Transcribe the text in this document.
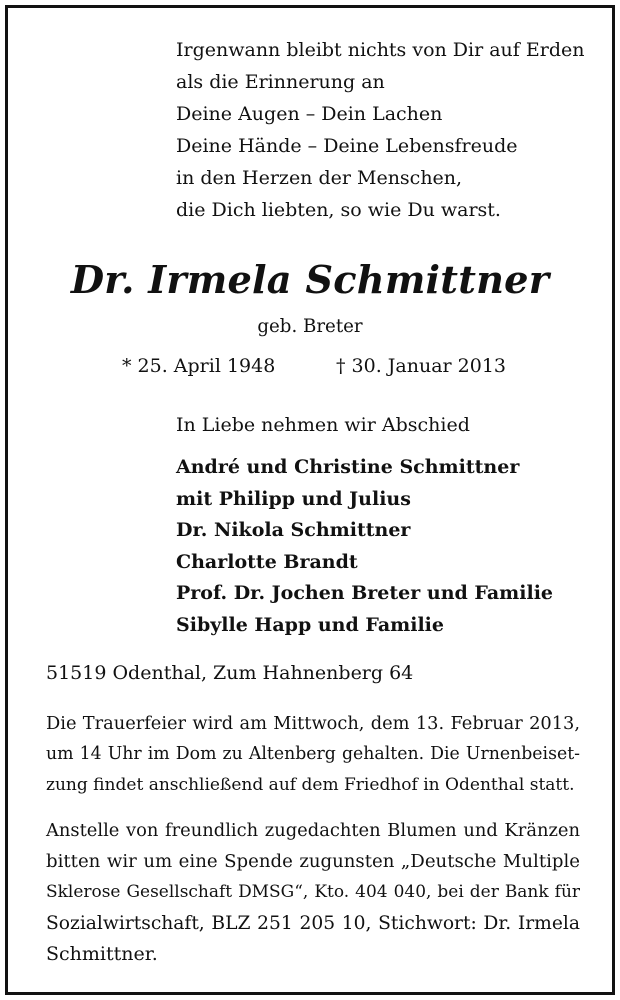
Irgenwann bleibt nichts von Dir auf Erden
als die Erinnerung an
Deine Augen – Dein Lachen
Deine Hände – Deine Lebensfreude
in den Herzen der Menschen,
die Dich liebten, so wie Du warst.
Dr. Irmela Schmittner
geb. Breter
* 25. April 1948	† 30. Januar 2013
In Liebe nehmen wir Abschied
André und Christine Schmittner
mit Philipp und Julius
Dr. Nikola Schmittner
Charlotte Brandt
Prof. Dr. Jochen Breter und Familie
Sibylle Happ und Familie
51519 Odenthal, Zum Hahnenberg 64
Die Trauerfeier wird am Mittwoch, dem 13. Februar 2013,
um 14 Uhr im Dom zu Altenberg gehalten. Die Urnenbeiset-
zung findet anschließend auf dem Friedhof in Odenthal statt.
Anstelle von freundlich zugedachten Blumen und Kränzen
bitten wir um eine Spende zugunsten „Deutsche Multiple
Sklerose Gesellschaft DMSG“, Kto. 404 040, bei der Bank für
Sozialwirtschaft, BLZ 251 205 10, Stichwort: Dr. Irmela
Schmittner.
